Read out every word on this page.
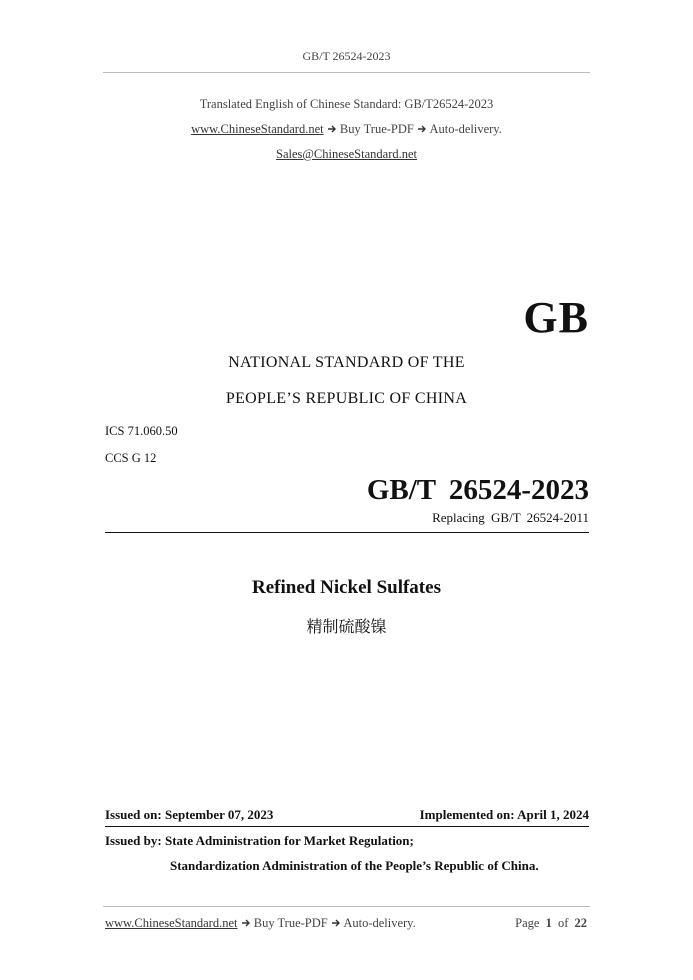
GB/T 26524-2023
Translated English of Chinese Standard: GB/T26524-2023
www.ChineseStandard.net Buy True-PDF Auto-delivery.
Sales@ChineseStandard.net
GB
NATIONAL STANDARD OF THE
PEOPLE’S REPUBLIC OF CHINA
ICS 71.060.50
CCS G 12
GB/T 26524-2023
Replacing GB/T 26524-2011
Refined Nickel Sulfates
精制硫酸镍
Issued on: September 07, 2023	Implemented on: April 1, 2024
Issued by: State Administration for Market Regulation;
Standardization Administration of the People’s Republic of China.
www.ChineseStandard.net Buy True-PDF Auto-delivery.	Page 1 of 22
